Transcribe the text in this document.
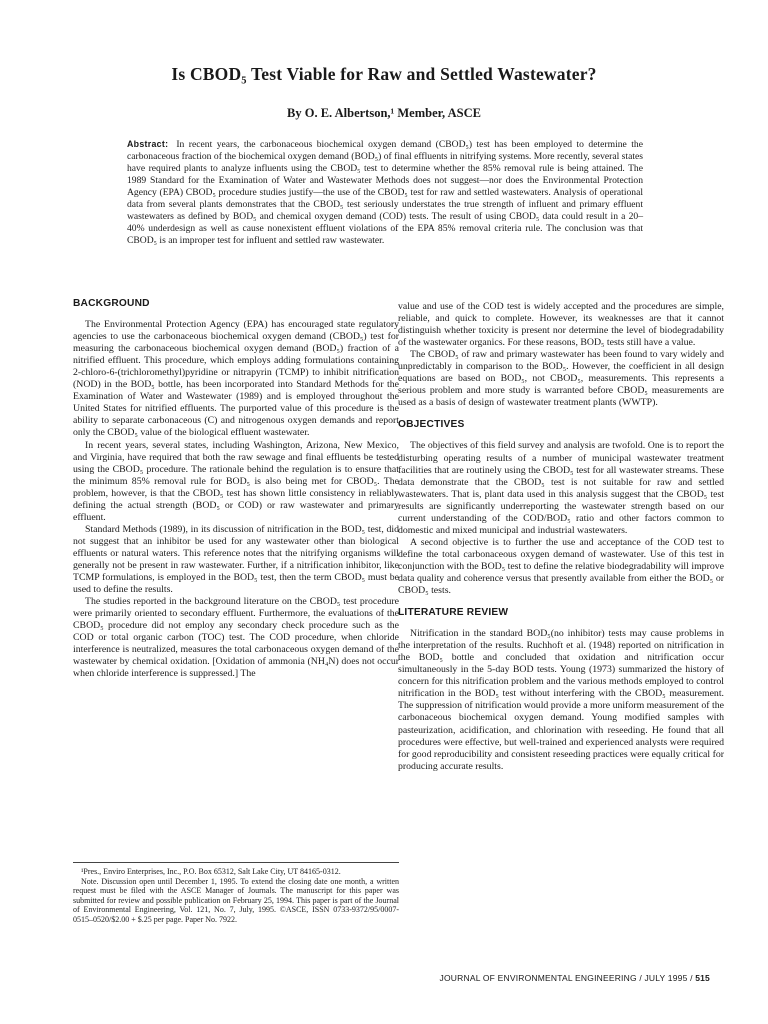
Is CBOD₅ Test Viable for Raw and Settled Wastewater?
By O. E. Albertson,¹ Member, ASCE

Abstract: In recent years, the carbonaceous biochemical oxygen demand (CBOD₅) test has been employed to determine the carbonaceous fraction of the biochemical oxygen demand (BOD₅) of final effluents in nitrifying systems. More recently, several states have required plants to analyze influents using the CBOD₅ test to determine whether the 85% removal rule is being attained. The 1989 Standard for the Examination of Water and Wastewater Methods does not suggest—nor does the Environmental Protection Agency (EPA) CBOD₅ procedure studies justify—the use of the CBOD₅ test for raw and settled wastewaters. Analysis of operational data from several plants demonstrates that the CBOD₅ test seriously understates the true strength of influent and primary effluent wastewaters as defined by BOD₅ and chemical oxygen demand (COD) tests. The result of using CBOD₅ data could result in a 20–40% underdesign as well as cause nonexistent effluent violations of the EPA 85% removal criteria rule. The conclusion was that CBOD₅ is an improper test for influent and settled raw wastewater.

BACKGROUND

The Environmental Protection Agency (EPA) has encouraged state regulatory agencies to use the carbonaceous biochemical oxygen demand (CBOD₅) test for measuring the carbonaceous biochemical oxygen demand (BOD₅) fraction of a nitrified effluent. This procedure, which employs adding formulations containing 2-chloro-6-(trichloromethyl)pyridine or nitrapyrin (TCMP) to inhibit nitrification (NOD) in the BOD₅ bottle, has been incorporated into Standard Methods for the Examination of Water and Wastewater (1989) and is employed throughout the United States for nitrified effluents. The purported value of this procedure is the ability to separate carbonaceous (C) and nitrogenous oxygen demands and report only the CBOD₅ value of the biological effluent wastewater.

In recent years, several states, including Washington, Arizona, New Mexico, and Virginia, have required that both the raw sewage and final effluents be tested using the CBOD₅ procedure. The rationale behind the regulation is to ensure that the minimum 85% removal rule for BOD₅ is also being met for CBOD₅. The problem, however, is that the CBOD₅ test has shown little consistency in reliably defining the actual strength (BOD₅ or COD) or raw wastewater and primary effluent.

Standard Methods (1989), in its discussion of nitrification in the BOD₅ test, did not suggest that an inhibitor be used for any wastewater other than biological effluents or natural waters. This reference notes that the nitrifying organisms will generally not be present in raw wastewater. Further, if a nitrification inhibitor, like TCMP formulations, is employed in the BOD₅ test, then the term CBOD₅ must be used to define the results.

The studies reported in the background literature on the CBOD₅ test procedure were primarily oriented to secondary effluent. Furthermore, the evaluations of the CBOD₅ procedure did not employ any secondary check procedure such as the COD or total organic carbon (TOC) test. The COD procedure, when chloride interference is neutralized, measures the total carbonaceous oxygen demand of the wastewater by chemical oxidation. [Oxidation of ammonia (NH₄N) does not occur when chloride interference is suppressed.] The

¹Pres., Enviro Enterprises, Inc., P.O. Box 65312, Salt Lake City, UT 84165-0312.

Note. Discussion open until December 1, 1995. To extend the closing date one month, a written request must be filed with the ASCE Manager of Journals. The manuscript for this paper was submitted for review and possible publication on February 25, 1994. This paper is part of the Journal of Environmental Engineering, Vol. 121, No. 7, July, 1995. ©ASCE, ISSN 0733-9372/95/0007-0515–0520/$2.00 + $.25 per page. Paper No. 7922.

value and use of the COD test is widely accepted and the procedures are simple, reliable, and quick to complete. However, its weaknesses are that it cannot distinguish whether toxicity is present nor determine the level of biodegradability of the wastewater organics. For these reasons, BOD₅ tests still have a value.

The CBOD₅ of raw and primary wastewater has been found to vary widely and unpredictably in comparison to the BOD₅. However, the coefficient in all design equations are based on BOD₅, not CBOD₅, measurements. This represents a serious problem and more study is warranted before CBOD₅ measurements are used as a basis of design of wastewater treatment plants (WWTP).

OBJECTIVES

The objectives of this field survey and analysis are twofold. One is to report the disturbing operating results of a number of municipal wastewater treatment facilities that are routinely using the CBOD₅ test for all wastewater streams. These data demonstrate that the CBOD₅ test is not suitable for raw and settled wastewaters. That is, plant data used in this analysis suggest that the CBOD₅ test results are significantly underreporting the wastewater strength based on our current understanding of the COD/BOD₅ ratio and other factors common to domestic and mixed municipal and industrial wastewaters.

A second objective is to further the use and acceptance of the COD test to define the total carbonaceous oxygen demand of wastewater. Use of this test in conjunction with the BOD₅ test to define the relative biodegradability will improve data quality and coherence versus that presently available from either the BOD₅ or CBOD₅ tests.

LITERATURE REVIEW

Nitrification in the standard BOD₅(no inhibitor) tests may cause problems in the interpretation of the results. Ruchhoft et al. (1948) reported on nitrification in the BOD₅ bottle and concluded that oxidation and nitrification occur simultaneously in the 5-day BOD tests. Young (1973) summarized the history of concern for this nitrification problem and the various methods employed to control nitrification in the BOD₅ test without interfering with the CBOD₅ measurement. The suppression of nitrification would provide a more uniform measurement of the carbonaceous biochemical oxygen demand. Young modified samples with pasteurization, acidification, and chlorination with reseeding. He found that all procedures were effective, but well-trained and experienced analysts were required for good reproducibility and consistent reseeding practices were equally critical for producing accurate results.

JOURNAL OF ENVIRONMENTAL ENGINEERING / JULY 1995 / 515
